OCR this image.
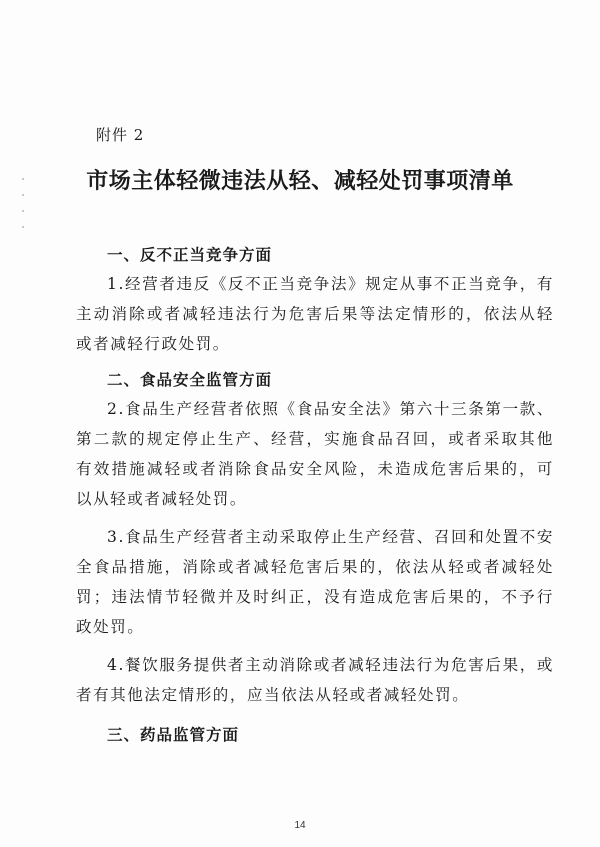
附件 2
市场主体轻微违法从轻、减轻处罚事项清单

一、反不正当竞争方面

1.经营者违反《反不正当竞争法》规定从事不正当竞争，有主动消除或者减轻违法行为危害后果等法定情形的，依法从轻或者减轻行政处罚。

二、食品安全监管方面

2.食品生产经营者依照《食品安全法》第六十三条第一款、第二款的规定停止生产、经营，实施食品召回，或者采取其他有效措施减轻或者消除食品安全风险，未造成危害后果的，可以从轻或者减轻处罚。

3.食品生产经营者主动采取停止生产经营、召回和处置不安全食品措施，消除或者减轻危害后果的，依法从轻或者减轻处罚；违法情节轻微并及时纠正，没有造成危害后果的，不予行政处罚。

4.餐饮服务提供者主动消除或者减轻违法行为危害后果，或者有其他法定情形的，应当依法从轻或者减轻处罚。

三、药品监管方面

14
